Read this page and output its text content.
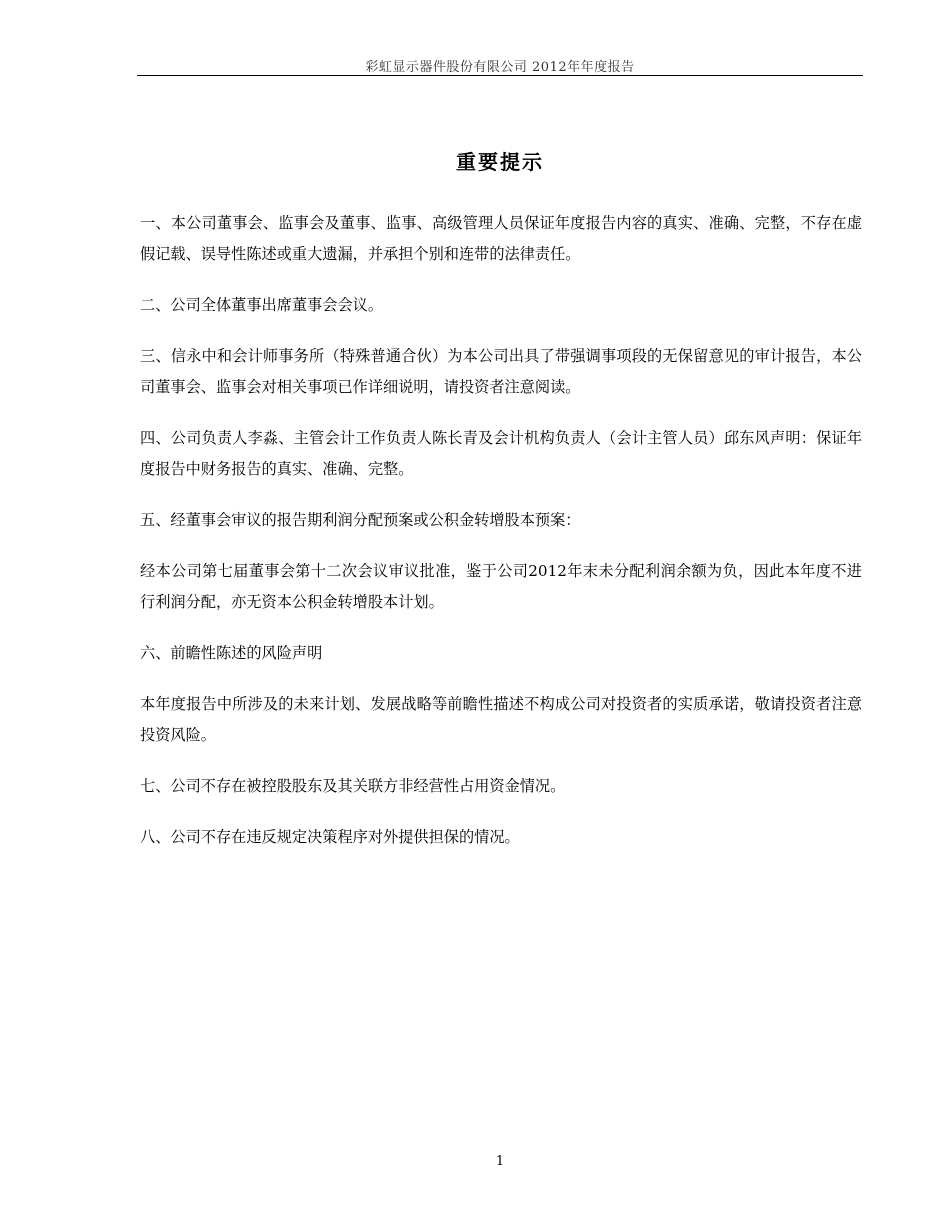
彩虹显示器件股份有限公司 2012年年度报告
重要提示

一、本公司董事会、监事会及董事、监事、高级管理人员保证年度报告内容的真实、准确、完整，不存在虚假记载、误导性陈述或重大遗漏，并承担个别和连带的法律责任。

二、公司全体董事出席董事会会议。

三、信永中和会计师事务所（特殊普通合伙）为本公司出具了带强调事项段的无保留意见的审计报告，本公司董事会、监事会对相关事项已作详细说明，请投资者注意阅读。

四、公司负责人李淼、主管会计工作负责人陈长青及会计机构负责人（会计主管人员）邱东风声明：保证年度报告中财务报告的真实、准确、完整。

五、经董事会审议的报告期利润分配预案或公积金转增股本预案：

经本公司第七届董事会第十二次会议审议批准，鉴于公司2012年末未分配利润余额为负，因此本年度不进行利润分配，亦无资本公积金转增股本计划。

六、前瞻性陈述的风险声明

本年度报告中所涉及的未来计划、发展战略等前瞻性描述不构成公司对投资者的实质承诺，敬请投资者注意投资风险。

七、公司不存在被控股股东及其关联方非经营性占用资金情况。

八、公司不存在违反规定决策程序对外提供担保的情况。

1
